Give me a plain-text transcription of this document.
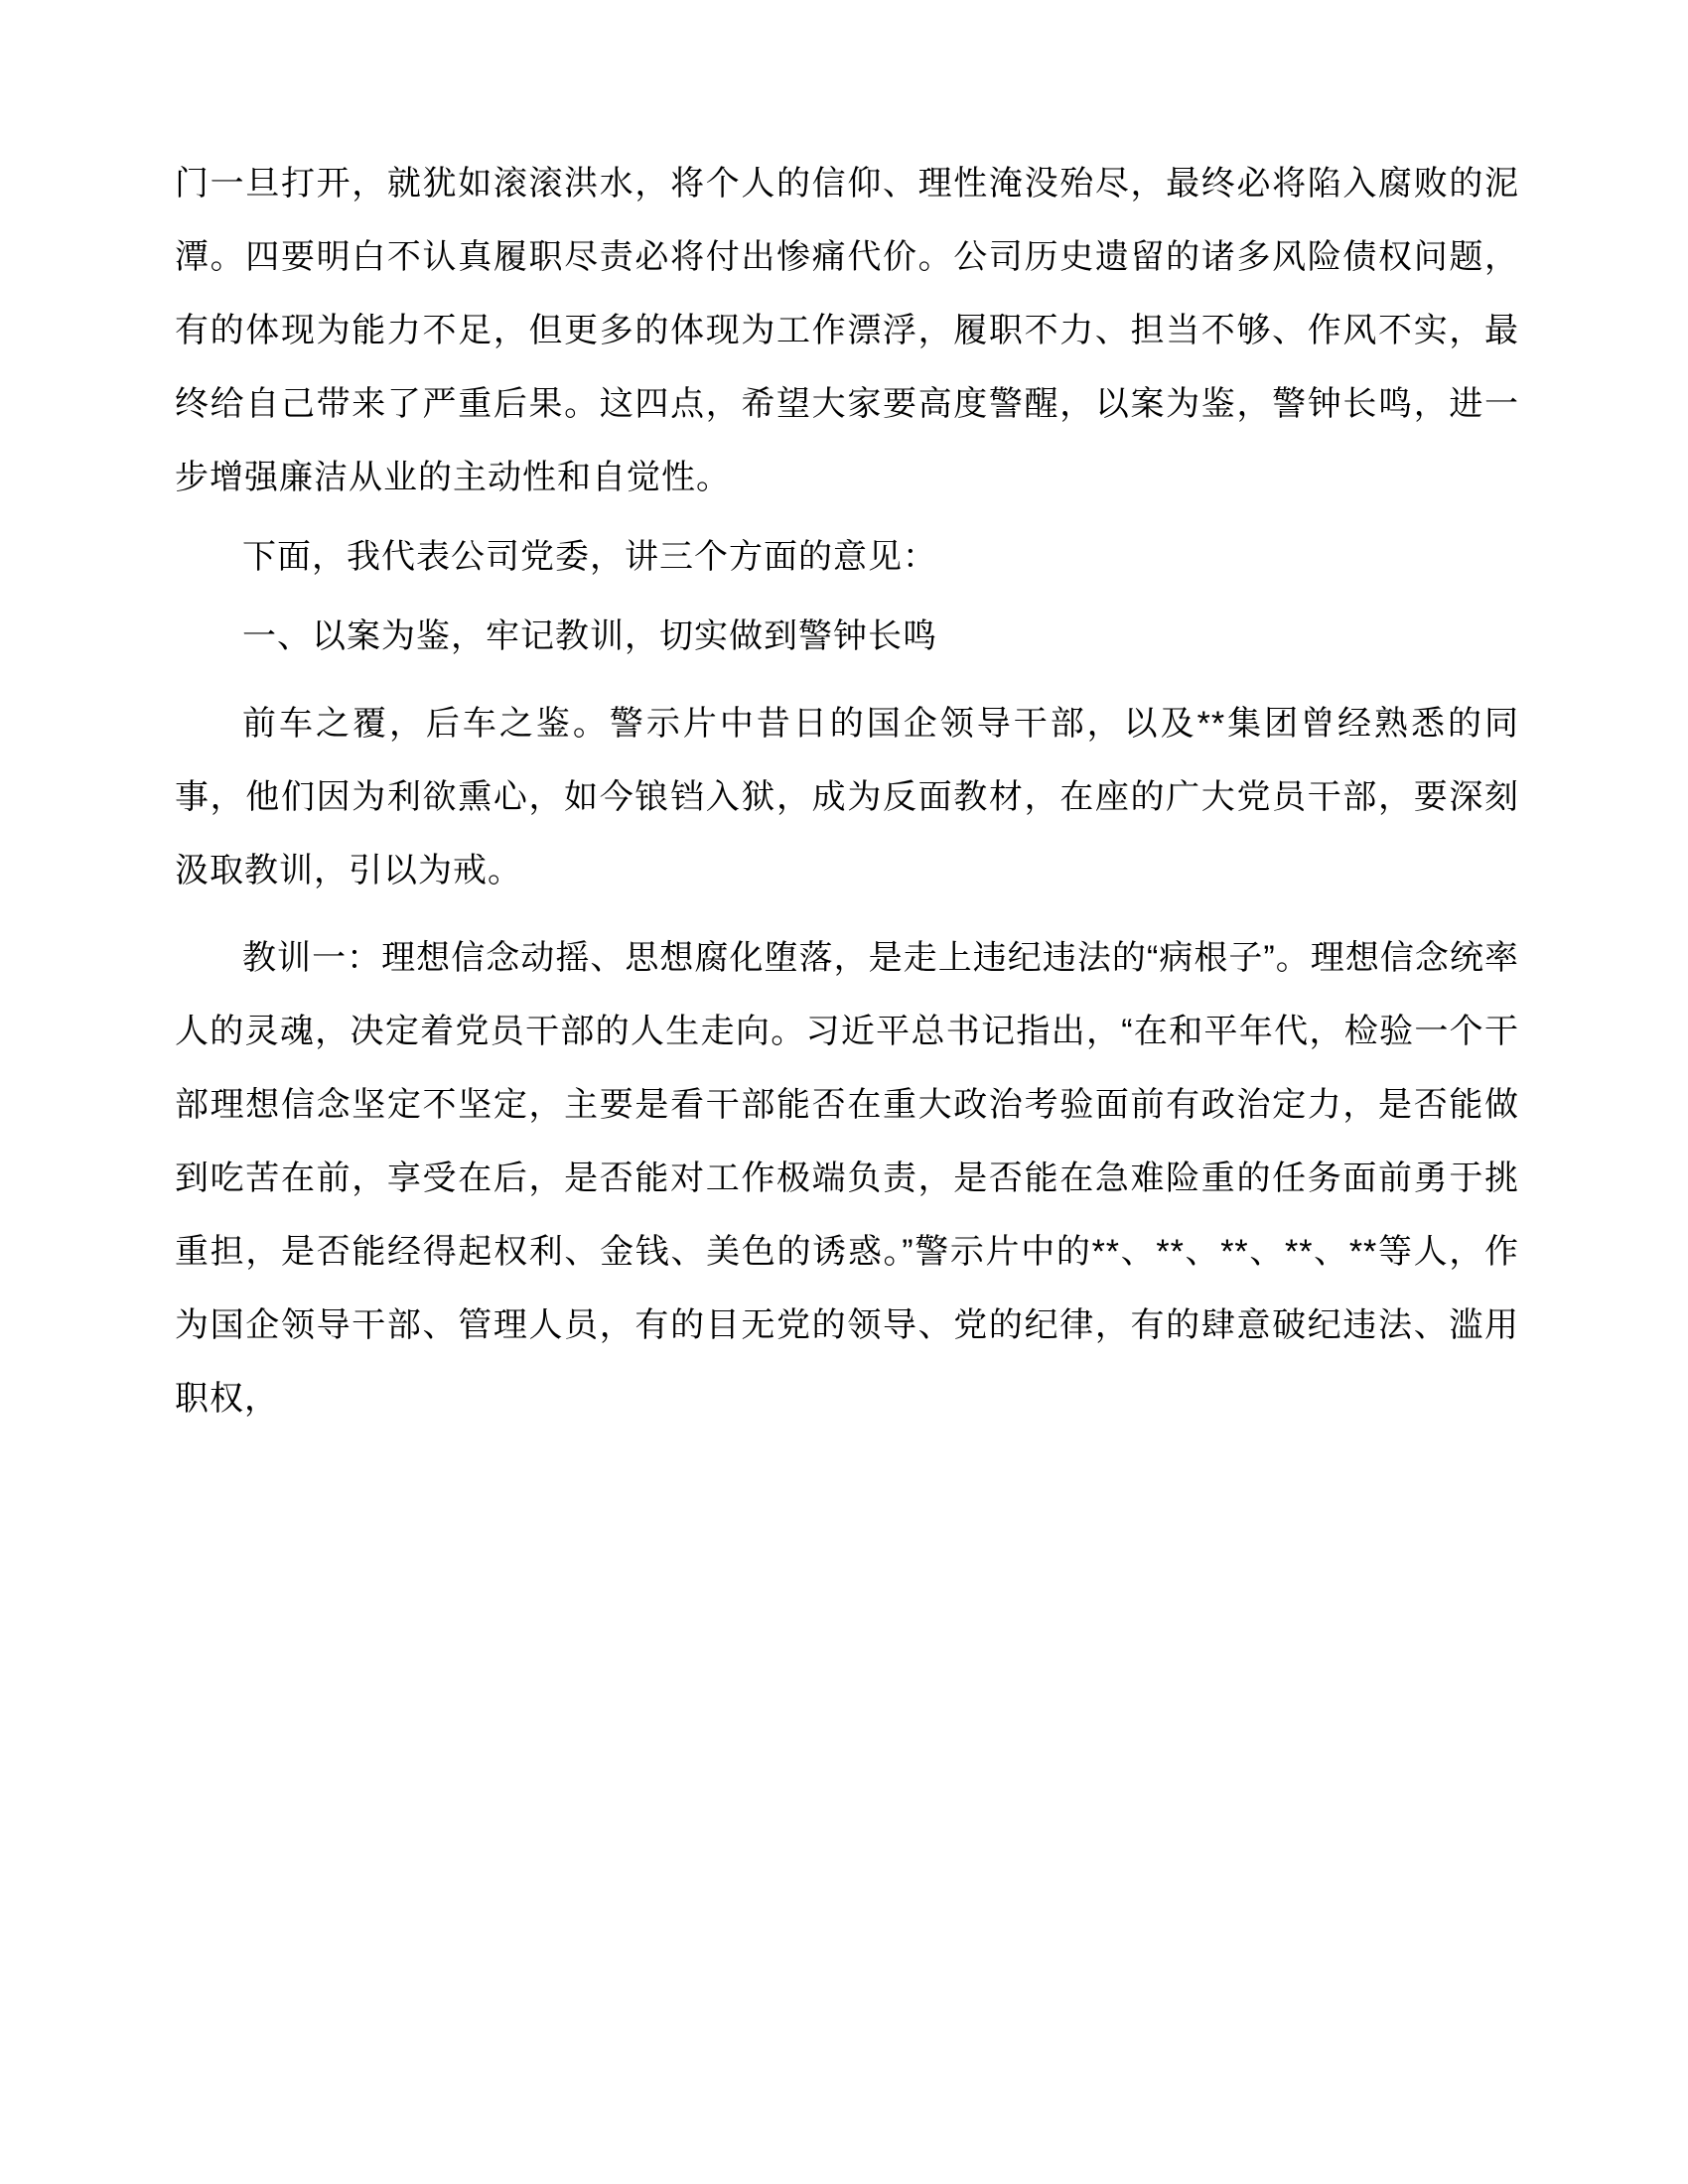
门一旦打开，就犹如滚滚洪水，将个人的信仰、理性淹没殆尽，最终必将陷入腐败的泥潭。四要明白不认真履职尽责必将付出惨痛代价。公司历史遗留的诸多风险债权问题，有的体现为能力不足，但更多的体现为工作漂浮，履职不力、担当不够、作风不实，最终给自己带来了严重后果。这四点，希望大家要高度警醒，以案为鉴，警钟长鸣，进一步增强廉洁从业的主动性和自觉性。

下面，我代表公司党委，讲三个方面的意见：

一、以案为鉴，牢记教训，切实做到警钟长鸣

前车之覆，后车之鉴。警示片中昔日的国企领导干部，以及**集团曾经熟悉的同事，他们因为利欲熏心，如今锒铛入狱，成为反面教材，在座的广大党员干部，要深刻汲取教训，引以为戒。

教训一：理想信念动摇、思想腐化堕落，是走上违纪违法的“病根子”。理想信念统率人的灵魂，决定着党员干部的人生走向。习近平总书记指出，“在和平年代，检验一个干部理想信念坚定不坚定，主要是看干部能否在重大政治考验面前有政治定力，是否能做到吃苦在前，享受在后，是否能对工作极端负责，是否能在急难险重的任务面前勇于挑重担，是否能经得起权利、金钱、美色的诱惑。”警示片中的**、**、**、**、**等人，作为国企领导干部、管理人员，有的目无党的领导、党的纪律，有的肆意破纪违法、滥用职权，
